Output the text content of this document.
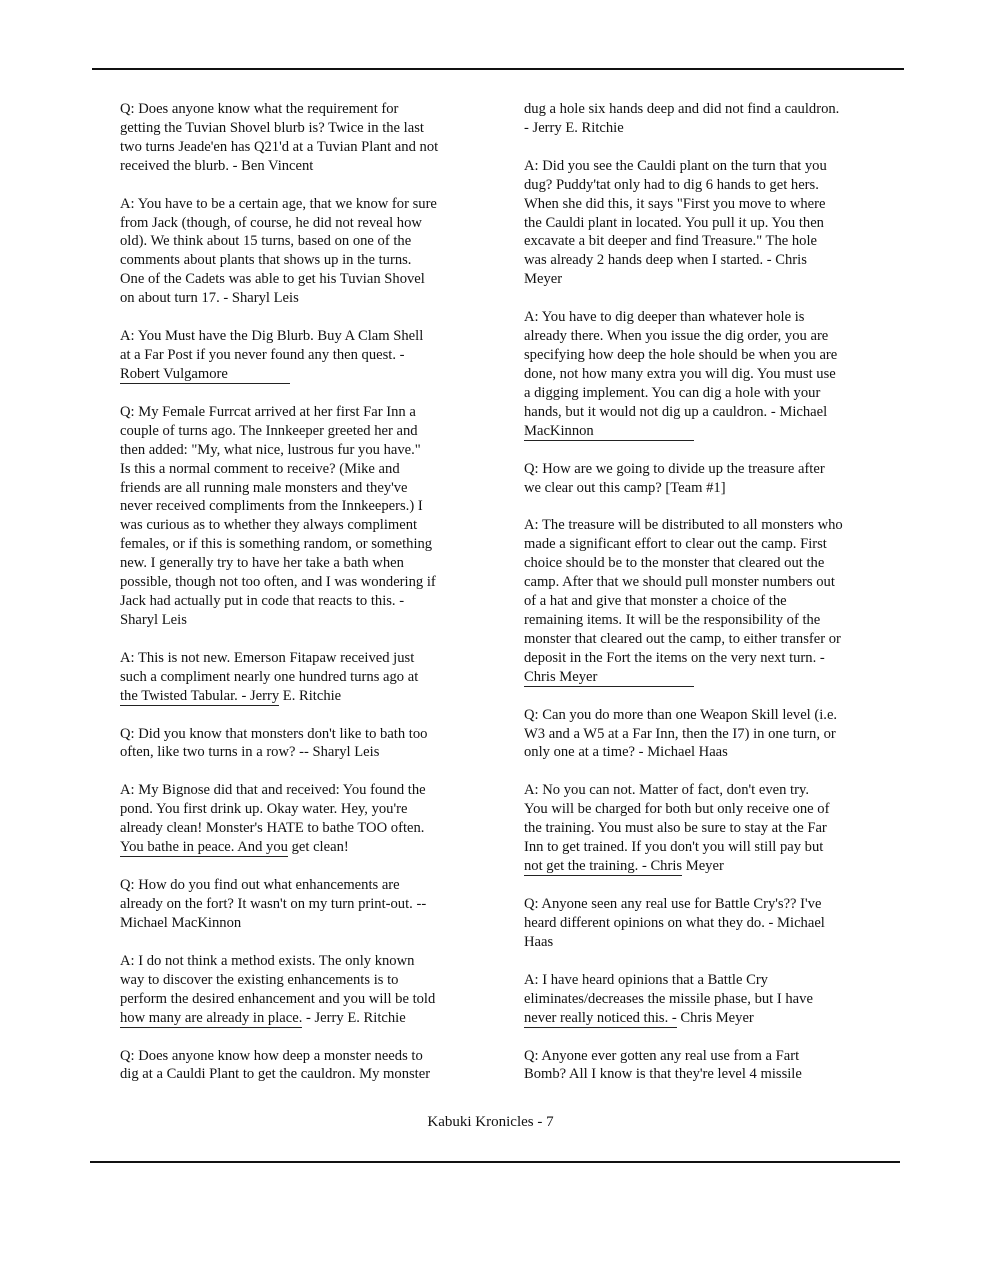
Q: Does anyone know what the requirement for
getting the Tuvian Shovel blurb is? Twice in the last
two turns Jeade'en has Q21'd at a Tuvian Plant and not
received the blurb. - Ben Vincent
A: You have to be a certain age, that we know for sure
from Jack (though, of course, he did not reveal how
old). We think about 15 turns, based on one of the
comments about plants that shows up in the turns.
One of the Cadets was able to get his Tuvian Shovel
on about turn 17. - Sharyl Leis
A: You Must have the Dig Blurb. Buy A Clam Shell
at a Far Post if you never found any then quest. -
Robert Vulgamore
Q: My Female Furrcat arrived at her first Far Inn a
couple of turns ago. The Innkeeper greeted her and
then added: "My, what nice, lustrous fur you have."
Is this a normal comment to receive? (Mike and
friends are all running male monsters and they've
never received compliments from the Innkeepers.) I
was curious as to whether they always compliment
females, or if this is something random, or something
new. I generally try to have her take a bath when
possible, though not too often, and I was wondering if
Jack had actually put in code that reacts to this. -
Sharyl Leis
A: This is not new. Emerson Fitapaw received just
such a compliment nearly one hundred turns ago at
the Twisted Tabular. - Jerry E. Ritchie
Q: Did you know that monsters don't like to bath too
often, like two turns in a row? -- Sharyl Leis
A: My Bignose did that and received: You found the
pond. You first drink up. Okay water. Hey, you're
already clean! Monster's HATE to bathe TOO often.
You bathe in peace. And you get clean!
Q: How do you find out what enhancements are
already on the fort? It wasn't on my turn print-out. --
Michael MacKinnon
A: I do not think a method exists. The only known
way to discover the existing enhancements is to
perform the desired enhancement and you will be told
how many are already in place. - Jerry E. Ritchie
Q: Does anyone know how deep a monster needs to
dig at a Cauldi Plant to get the cauldron. My monster
dug a hole six hands deep and did not find a cauldron.
- Jerry E. Ritchie
A: Did you see the Cauldi plant on the turn that you
dug? Puddy'tat only had to dig 6 hands to get hers.
When she did this, it says "First you move to where
the Cauldi plant in located. You pull it up. You then
excavate a bit deeper and find Treasure." The hole
was already 2 hands deep when I started. - Chris
Meyer
A: You have to dig deeper than whatever hole is
already there. When you issue the dig order, you are
specifying how deep the hole should be when you are
done, not how many extra you will dig. You must use
a digging implement. You can dig a hole with your
hands, but it would not dig up a cauldron. - Michael
MacKinnon
Q: How are we going to divide up the treasure after
we clear out this camp? [Team #1]
A: The treasure will be distributed to all monsters who
made a significant effort to clear out the camp. First
choice should be to the monster that cleared out the
camp. After that we should pull monster numbers out
of a hat and give that monster a choice of the
remaining items. It will be the responsibility of the
monster that cleared out the camp, to either transfer or
deposit in the Fort the items on the very next turn. -
Chris Meyer
Q: Can you do more than one Weapon Skill level (i.e.
W3 and a W5 at a Far Inn, then the I7) in one turn, or
only one at a time? - Michael Haas
A: No you can not. Matter of fact, don't even try.
You will be charged for both but only receive one of
the training. You must also be sure to stay at the Far
Inn to get trained. If you don't you will still pay but
not get the training. - Chris Meyer
Q: Anyone seen any real use for Battle Cry's?? I've
heard different opinions on what they do. - Michael
Haas
A: I have heard opinions that a Battle Cry
eliminates/decreases the missile phase, but I have
never really noticed this. - Chris Meyer
Q: Anyone ever gotten any real use from a Fart
Bomb? All I know is that they're level 4 missile
Kabuki Kronicles - 7
